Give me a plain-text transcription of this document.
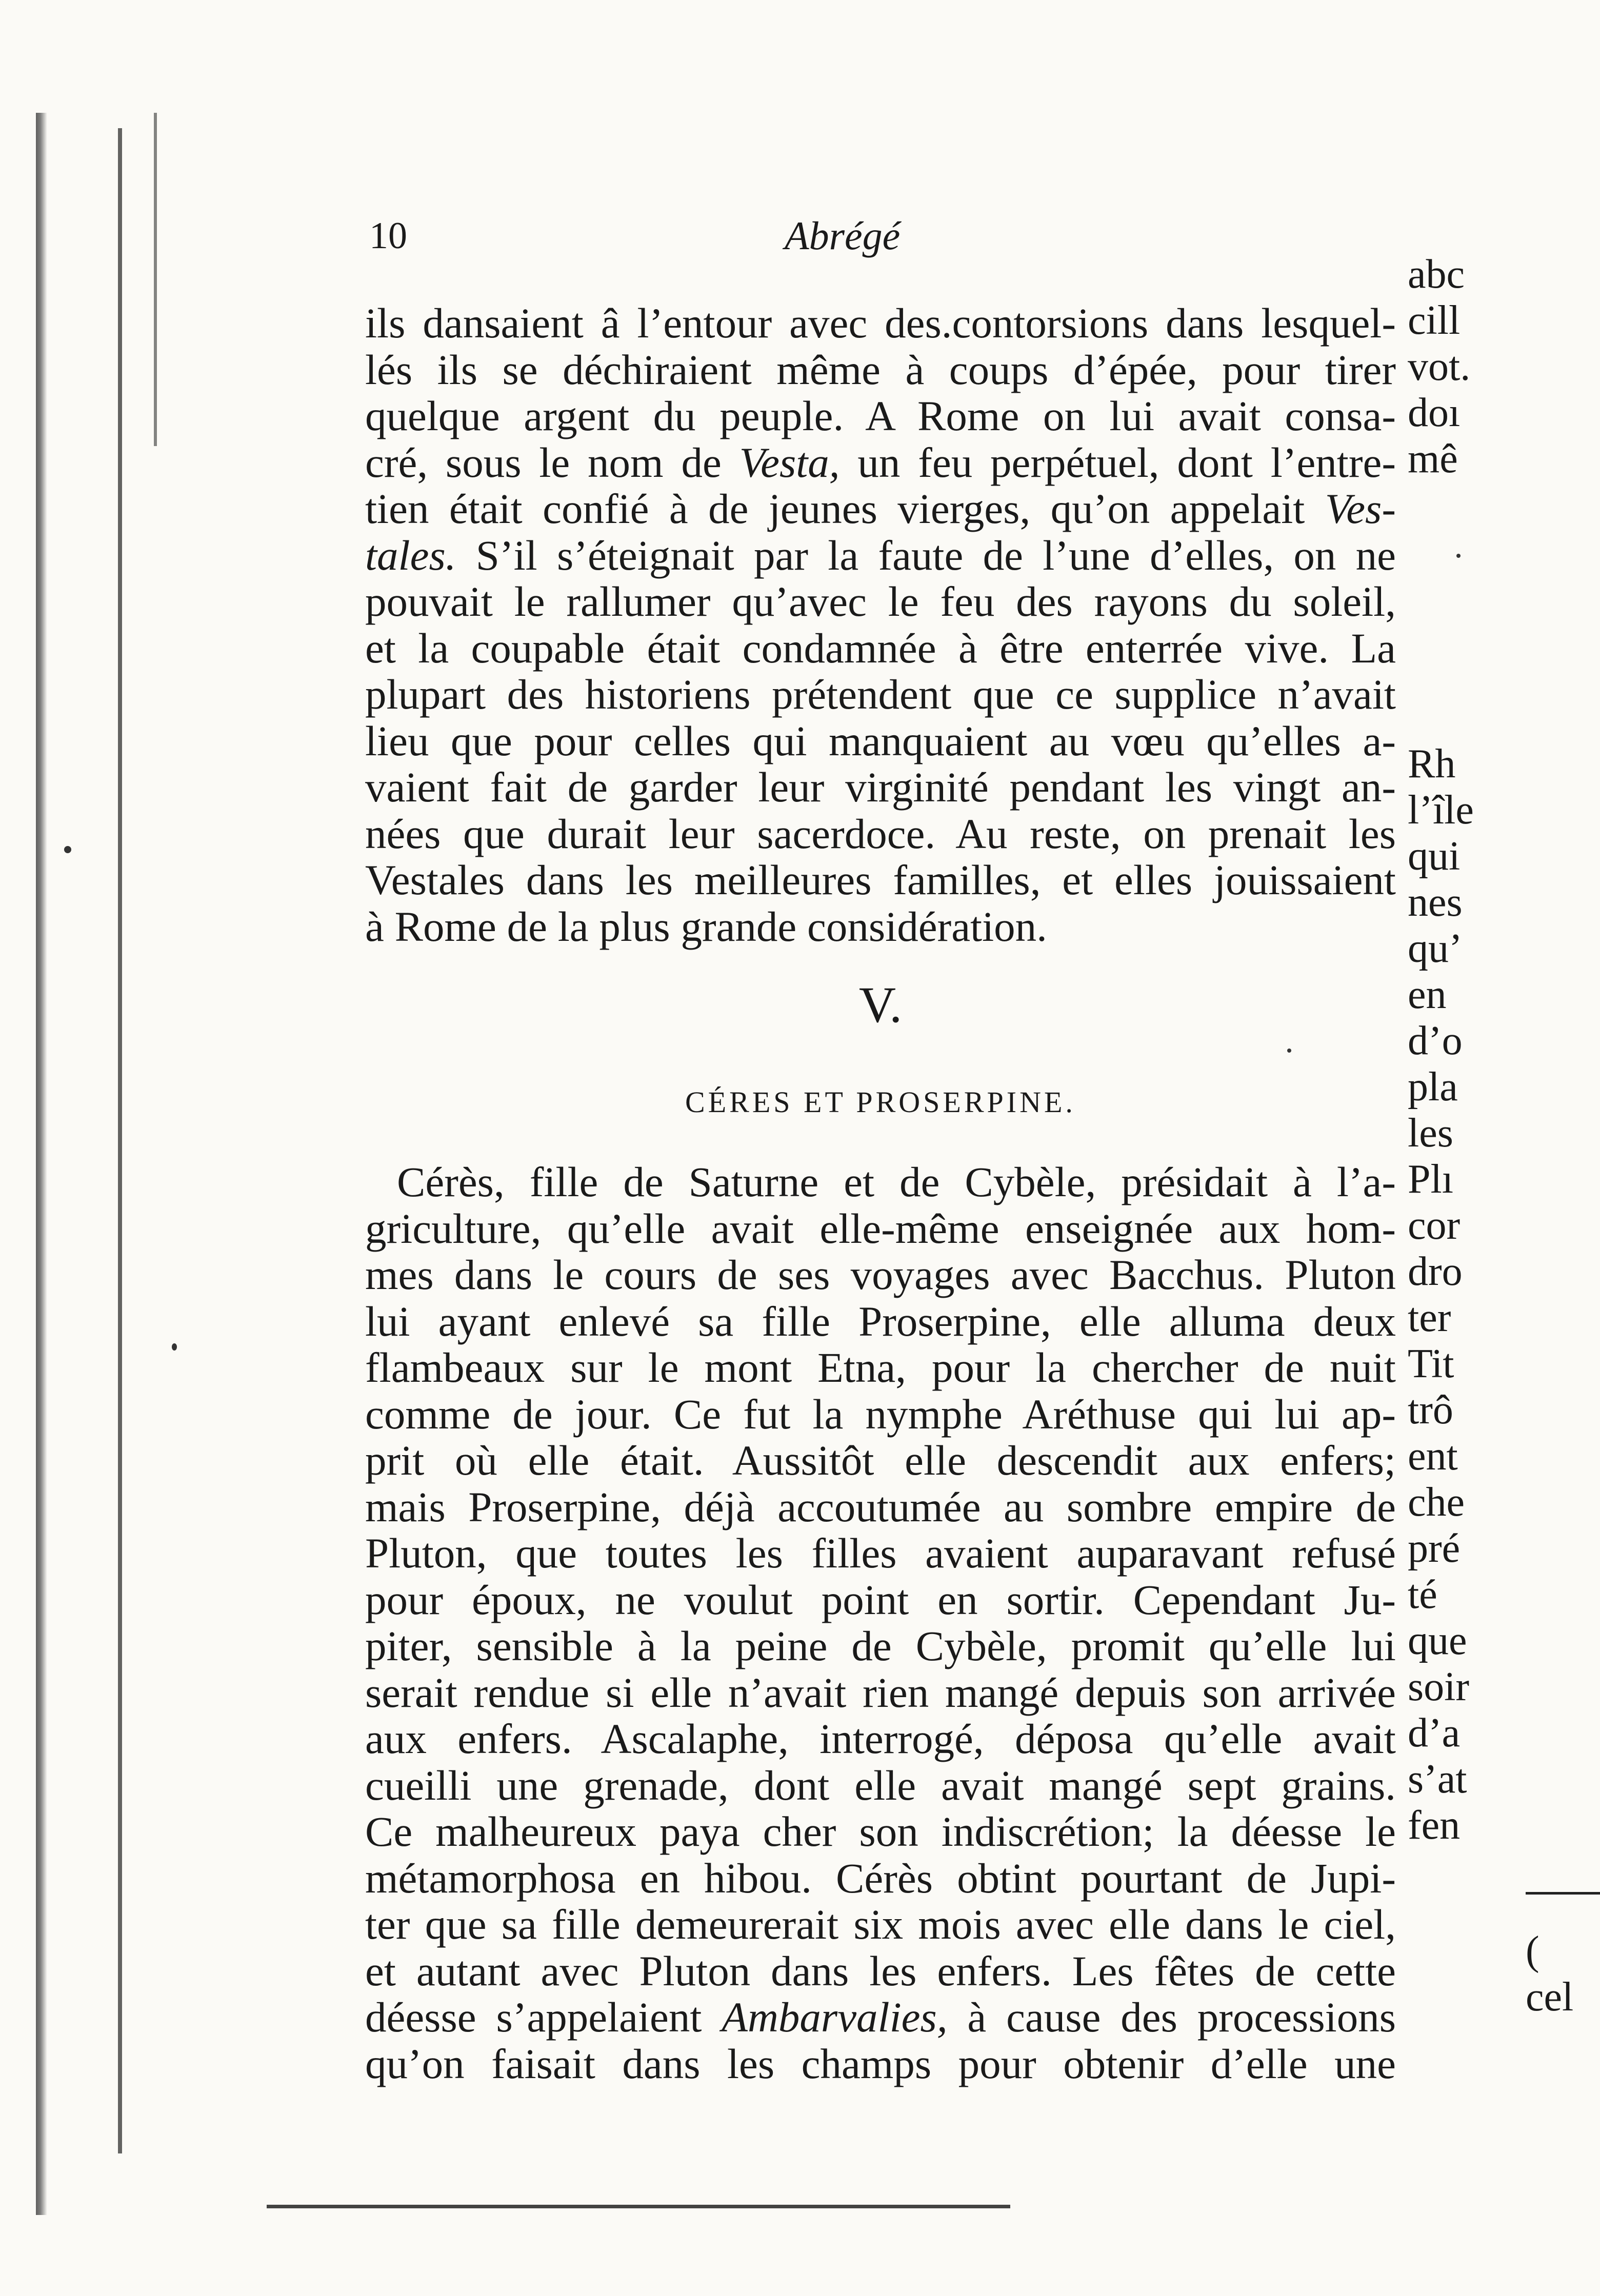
10	Abrégé
ils dansaient â l’entour avec des.contorsions dans lesquel-
lés ils se déchiraient même à coups d’épée, pour tirer
quelque argent du peuple. A Rome on lui avait consa-
cré, sous le nom de Vesta, un feu perpétuel, dont l’entre-
tien était confié à de jeunes vierges, qu’on appelait Ves-
tales. S’il s’éteignait par la faute de l’une d’elles, on ne
pouvait le rallumer qu’avec le feu des rayons du soleil,
et la coupable était condamnée à être enterrée vive. La
plupart des historiens prétendent que ce supplice n’avait
lieu que pour celles qui manquaient au vœu qu’elles a-
vaient fait de garder leur virginité pendant les vingt an-
nées que durait leur sacerdoce. Au reste, on prenait les
Vestales dans les meilleures familles, et elles jouissaient
à Rome de la plus grande considération.
V.
CÉRES ET PROSERPINE.
Cérès, fille de Saturne et de Cybèle, présidait à l’a-
griculture, qu’elle avait elle-même enseignée aux hom-
mes dans le cours de ses voyages avec Bacchus. Pluton
lui ayant enlevé sa fille Proserpine, elle alluma deux
flambeaux sur le mont Etna, pour la chercher de nuit
comme de jour. Ce fut la nymphe Aréthuse qui lui ap-
prit où elle était. Aussitôt elle descendit aux enfers;
mais Proserpine, déjà accoutumée au sombre empire de
Pluton, que toutes les filles avaient auparavant refusé
pour époux, ne voulut point en sortir. Cependant Ju-
piter, sensible à la peine de Cybèle, promit qu’elle lui
serait rendue si elle n’avait rien mangé depuis son arrivée
aux enfers. Ascalaphe, interrogé, déposa qu’elle avait
cueilli une grenade, dont elle avait mangé sept grains.
Ce malheureux paya cher son indiscrétion; la déesse le
métamorphosa en hibou. Cérès obtint pourtant de Jupi-
ter que sa fille demeurerait six mois avec elle dans le ciel,
et autant avec Pluton dans les enfers. Les fêtes de cette
déesse s’appelaient Ambarvalies, à cause des processions
qu’on faisait dans les champs pour obtenir d’elle une
abc
cill
vot.
doı
mê
Rh
l’île
qui
nes
qu’
en
d’o
pla
les
Plı
cor
dro
ter
Tit
trô
ent
che
pré
té
que
soir
d’a
s’at
fen
(
cel
